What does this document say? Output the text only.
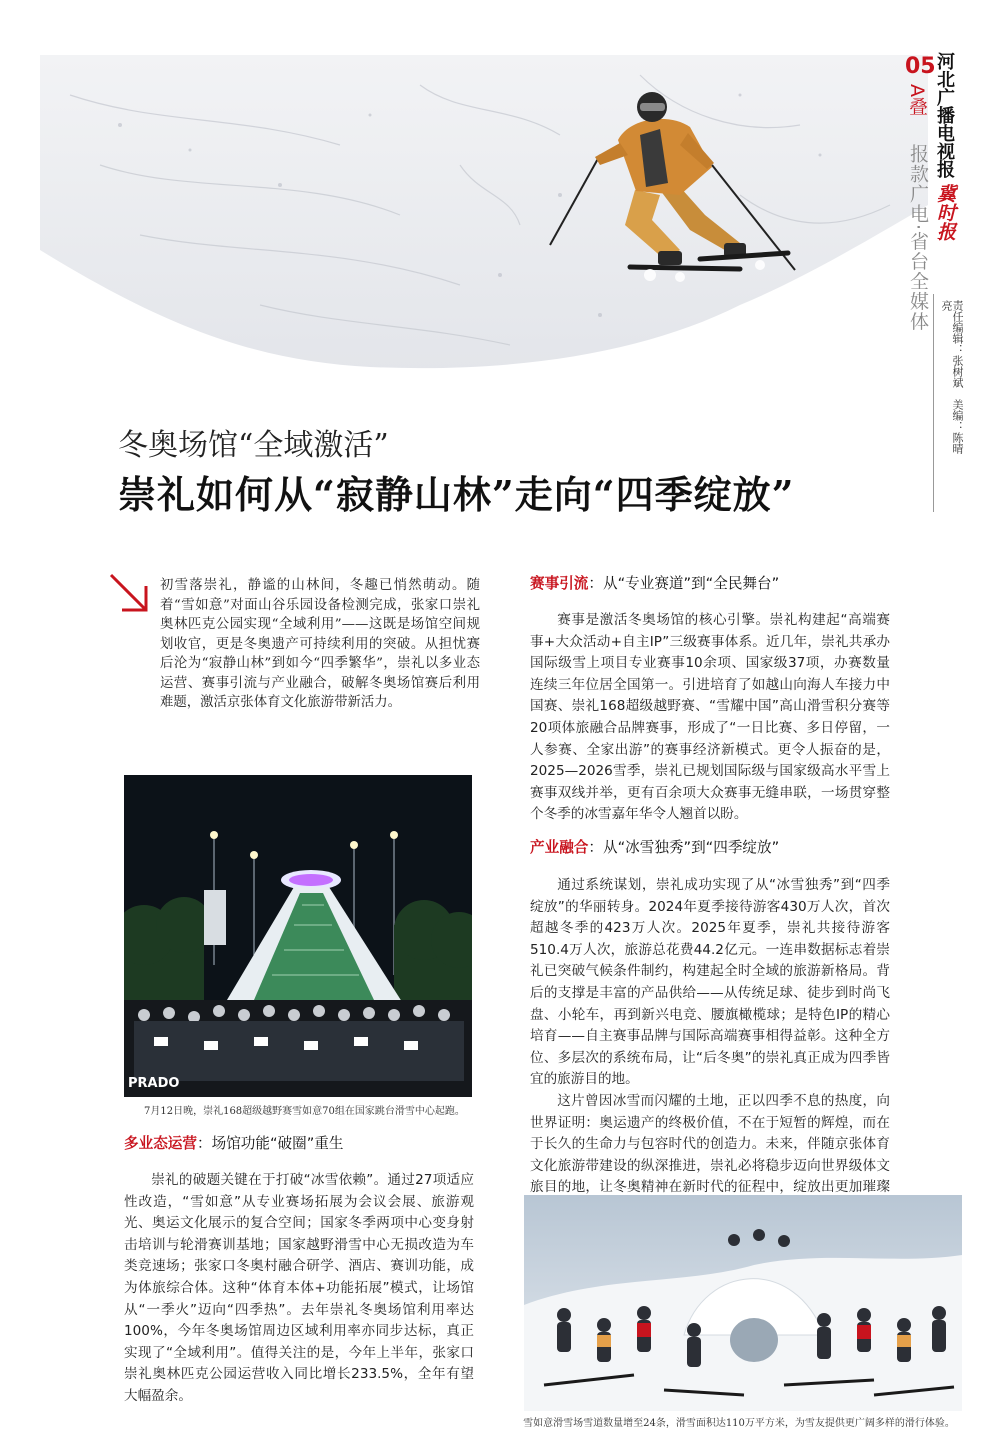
05
A叠 河北广播电视报
报款广电·省台全媒体 冀时报
责任编辑：张树斌　美编：陈晴亮
冬奥场馆“全域激活”
崇礼如何从“寂静山林”走向“四季绽放”
初雪落崇礼，静谧的山林间，冬趣已悄然萌动。随着“雪如意”对面山谷乐园设备检测完成，张家口崇礼奥林匹克公园实现“全域利用”——这既是场馆空间规划收官，更是冬奥遗产可持续利用的突破。从担忧赛后沦为“寂静山林”到如今“四季繁华”，崇礼以多业态运营、赛事引流与产业融合，破解冬奥场馆赛后利用难题，激活京张体育文化旅游带新活力。
PRADO
7月12日晚，崇礼168超级越野赛雪如意70组在国家跳台滑雪中心起跑。
多业态运营：场馆功能“破圈”重生

崇礼的破题关键在于打破“冰雪依赖”。通过27项适应性改造，“雪如意”从专业赛场拓展为会议会展、旅游观光、奥运文化展示的复合空间；国家冬季两项中心变身射击培训与轮滑赛训基地；国家越野滑雪中心无损改造为车类竞速场；张家口冬奥村融合研学、酒店、赛训功能，成为体旅综合体。这种“体育本体+功能拓展”模式，让场馆从“一季火”迈向“四季热”。去年崇礼冬奥场馆利用率达100%，今年冬奥场馆周边区域利用率亦同步达标，真正实现了“全域利用”。值得关注的是，今年上半年，张家口崇礼奥林匹克公园运营收入同比增长233.5%，全年有望大幅盈余。

赛事引流：从“专业赛道”到“全民舞台”

赛事是激活冬奥场馆的核心引擎。崇礼构建起“高端赛事+大众活动+自主IP”三级赛事体系。近几年，崇礼共承办国际级雪上项目专业赛事10余项、国家级37项，办赛数量连续三年位居全国第一。引进培育了如越山向海人车接力中国赛、崇礼168超级越野赛、“雪耀中国”高山滑雪积分赛等20项体旅融合品牌赛事，形成了“一日比赛、多日停留，一人参赛、全家出游”的赛事经济新模式。更令人振奋的是，2025—2026雪季，崇礼已规划国际级与国家级高水平雪上赛事双线并举，更有百余项大众赛事无缝串联，一场贯穿整个冬季的冰雪嘉年华令人翘首以盼。

产业融合：从“冰雪独秀”到“四季绽放”

通过系统谋划，崇礼成功实现了从“冰雪独秀”到“四季绽放”的华丽转身。2024年夏季接待游客430万人次，首次超越冬季的423万人次。2025年夏季，崇礼共接待游客510.4万人次，旅游总花费44.2亿元。一连串数据标志着崇礼已突破气候条件制约，构建起全时全域的旅游新格局。背后的支撑是丰富的产品供给——从传统足球、徒步到时尚飞盘、小轮车，再到新兴电竞、腰旗橄榄球；是特色IP的精心培育——自主赛事品牌与国际高端赛事相得益彰。这种全方位、多层次的系统布局，让“后冬奥”的崇礼真正成为四季皆宜的旅游目的地。

这片曾因冰雪而闪耀的土地，正以四季不息的热度，向世界证明：奥运遗产的终极价值，不在于短暂的辉煌，而在于长久的生命力与包容时代的创造力。未来，伴随京张体育文化旅游带建设的纵深推进，崇礼必将稳步迈向世界级体文旅目的地，让冬奥精神在新时代的征程中，绽放出更加璀璨

雪如意滑雪场雪道数量增至24条，滑雪面积达110万平方米，为雪友提供更广阔多样的滑行体验。
